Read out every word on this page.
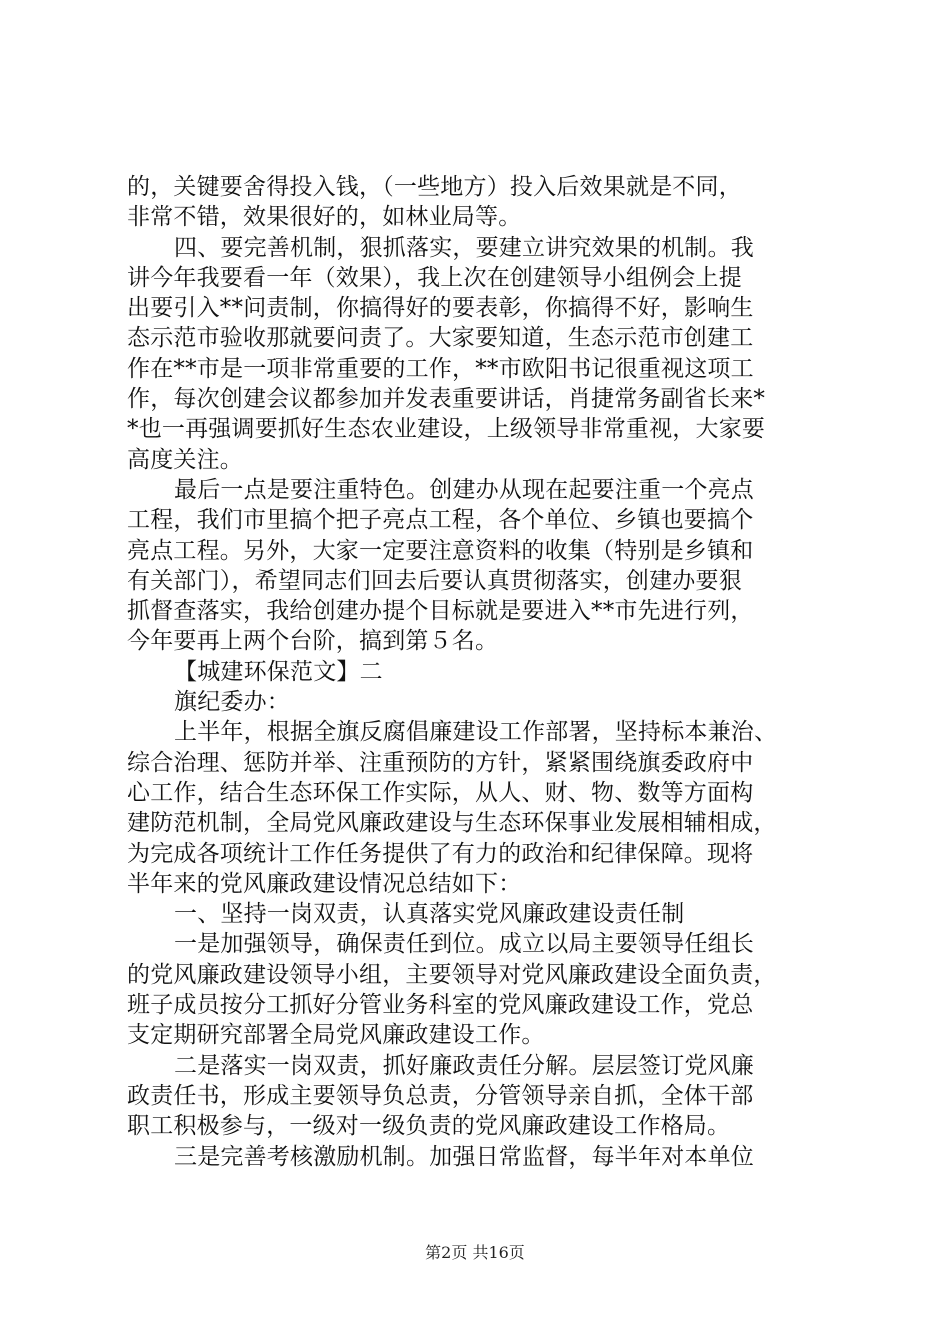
的，关键要舍得投入钱，（一些地方）投入后效果就是不同，
非常不错，效果很好的，如林业局等。
四、要完善机制，狠抓落实，要建立讲究效果的机制。我
讲今年我要看一年（效果），我上次在创建领导小组例会上提
出要引入**问责制，你搞得好的要表彰，你搞得不好，影响生
态示范市验收那就要问责了。大家要知道，生态示范市创建工
作在**市是一项非常重要的工作，**市欧阳书记很重视这项工
作，每次创建会议都参加并发表重要讲话，肖捷常务副省长来*
*也一再强调要抓好生态农业建设，上级领导非常重视，大家要
高度关注。
最后一点是要注重特色。创建办从现在起要注重一个亮点
工程，我们市里搞个把子亮点工程，各个单位、乡镇也要搞个
亮点工程。另外，大家一定要注意资料的收集（特别是乡镇和
有关部门），希望同志们回去后要认真贯彻落实，创建办要狠
抓督查落实，我给创建办提个目标就是要进入**市先进行列，
今年要再上两个台阶，搞到第５名。
【城建环保范文】二
旗纪委办：
上半年，根据全旗反腐倡廉建设工作部署，坚持标本兼治、
综合治理、惩防并举、注重预防的方针，紧紧围绕旗委政府中
心工作，结合生态环保工作实际，从人、财、物、数等方面构
建防范机制，全局党风廉政建设与生态环保事业发展相辅相成，
为完成各项统计工作任务提供了有力的政治和纪律保障。现将
半年来的党风廉政建设情况总结如下：
一、坚持一岗双责，认真落实党风廉政建设责任制
一是加强领导，确保责任到位。成立以局主要领导任组长
的党风廉政建设领导小组，主要领导对党风廉政建设全面负责，
班子成员按分工抓好分管业务科室的党风廉政建设工作，党总
支定期研究部署全局党风廉政建设工作。
二是落实一岗双责，抓好廉政责任分解。层层签订党风廉
政责任书，形成主要领导负总责，分管领导亲自抓，全体干部
职工积极参与，一级对一级负责的党风廉政建设工作格局。
三是完善考核激励机制。加强日常监督，每半年对本单位
第2页 共16页
